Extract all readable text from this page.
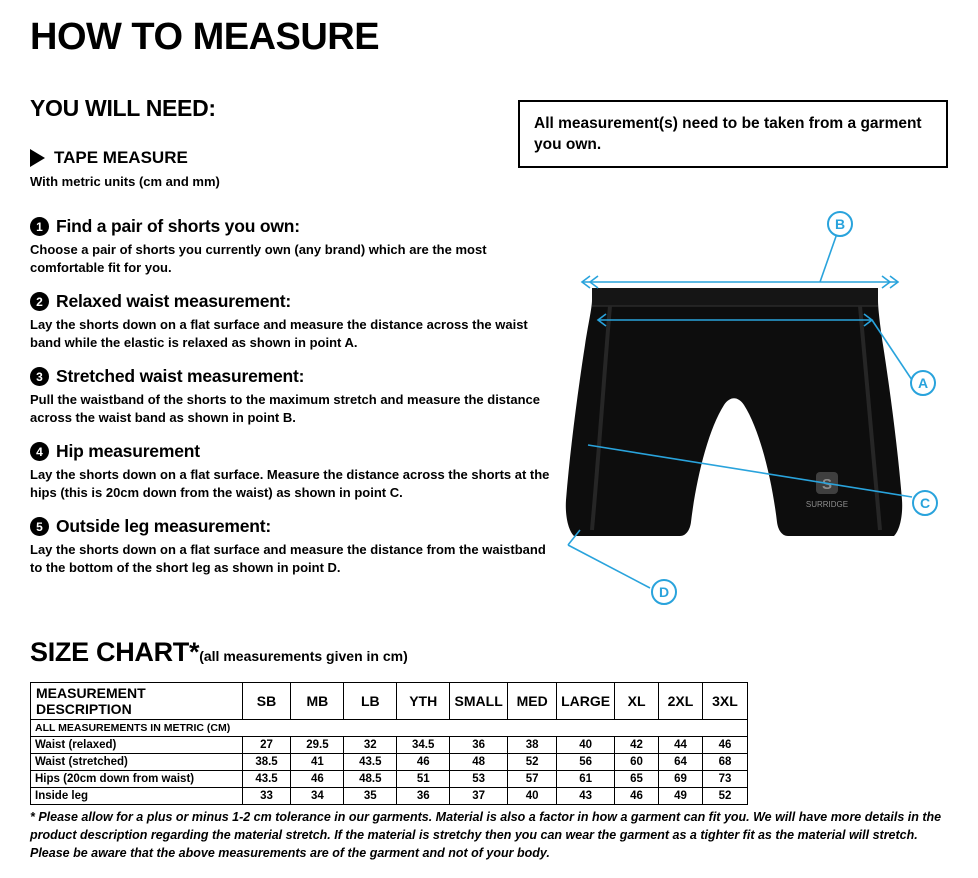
HOW TO MEASURE
YOU WILL NEED:
All measurement(s) need to be taken from a garment you own.
TAPE MEASURE
With metric units (cm and mm)
1 Find a pair of shorts you own:
Choose a pair of shorts you currently own (any brand) which are the most comfortable fit for you.
2 Relaxed waist measurement:
Lay the shorts down on a flat surface and measure the distance across the waist band while the elastic is relaxed as shown in point A.
3 Stretched waist measurement:
Pull the waistband of the shorts to the maximum stretch and measure the distance across the waist band as shown in point B.
4 Hip measurement
Lay the shorts down on a flat surface. Measure the distance across the shorts at the hips (this is 20cm down from the waist) as shown in point C.
5 Outside leg measurement:
Lay the shorts down on a flat surface and measure the distance from the waistband to the bottom of the short leg as shown in point D.
S
SURRIDGE
B
A
C
D
SIZE CHART*(all measurements given in cm)
MEASUREMENT DESCRIPTION	SB	MB	LB	YTH	SMALL	MED	LARGE	XL	2XL	3XL
ALL MEASUREMENTS IN METRIC (CM)										
Waist (relaxed)	27	29.5	32	34.5	36	38	40	42	44	46
Waist (stretched)	38.5	41	43.5	46	48	52	56	60	64	68
Hips (20cm down from waist)	43.5	46	48.5	51	53	57	61	65	69	73
Inside leg	33	34	35	36	37	40	43	46	49	52
* Please allow for a plus or minus 1-2 cm tolerance in our garments. Material is also a factor in how a garment can fit you. We will have more details in the product description regarding the material stretch. If the material is stretchy then you can wear the garment as a tighter fit as the material will stretch. Please be aware that the above measurements are of the garment and not of your body.
